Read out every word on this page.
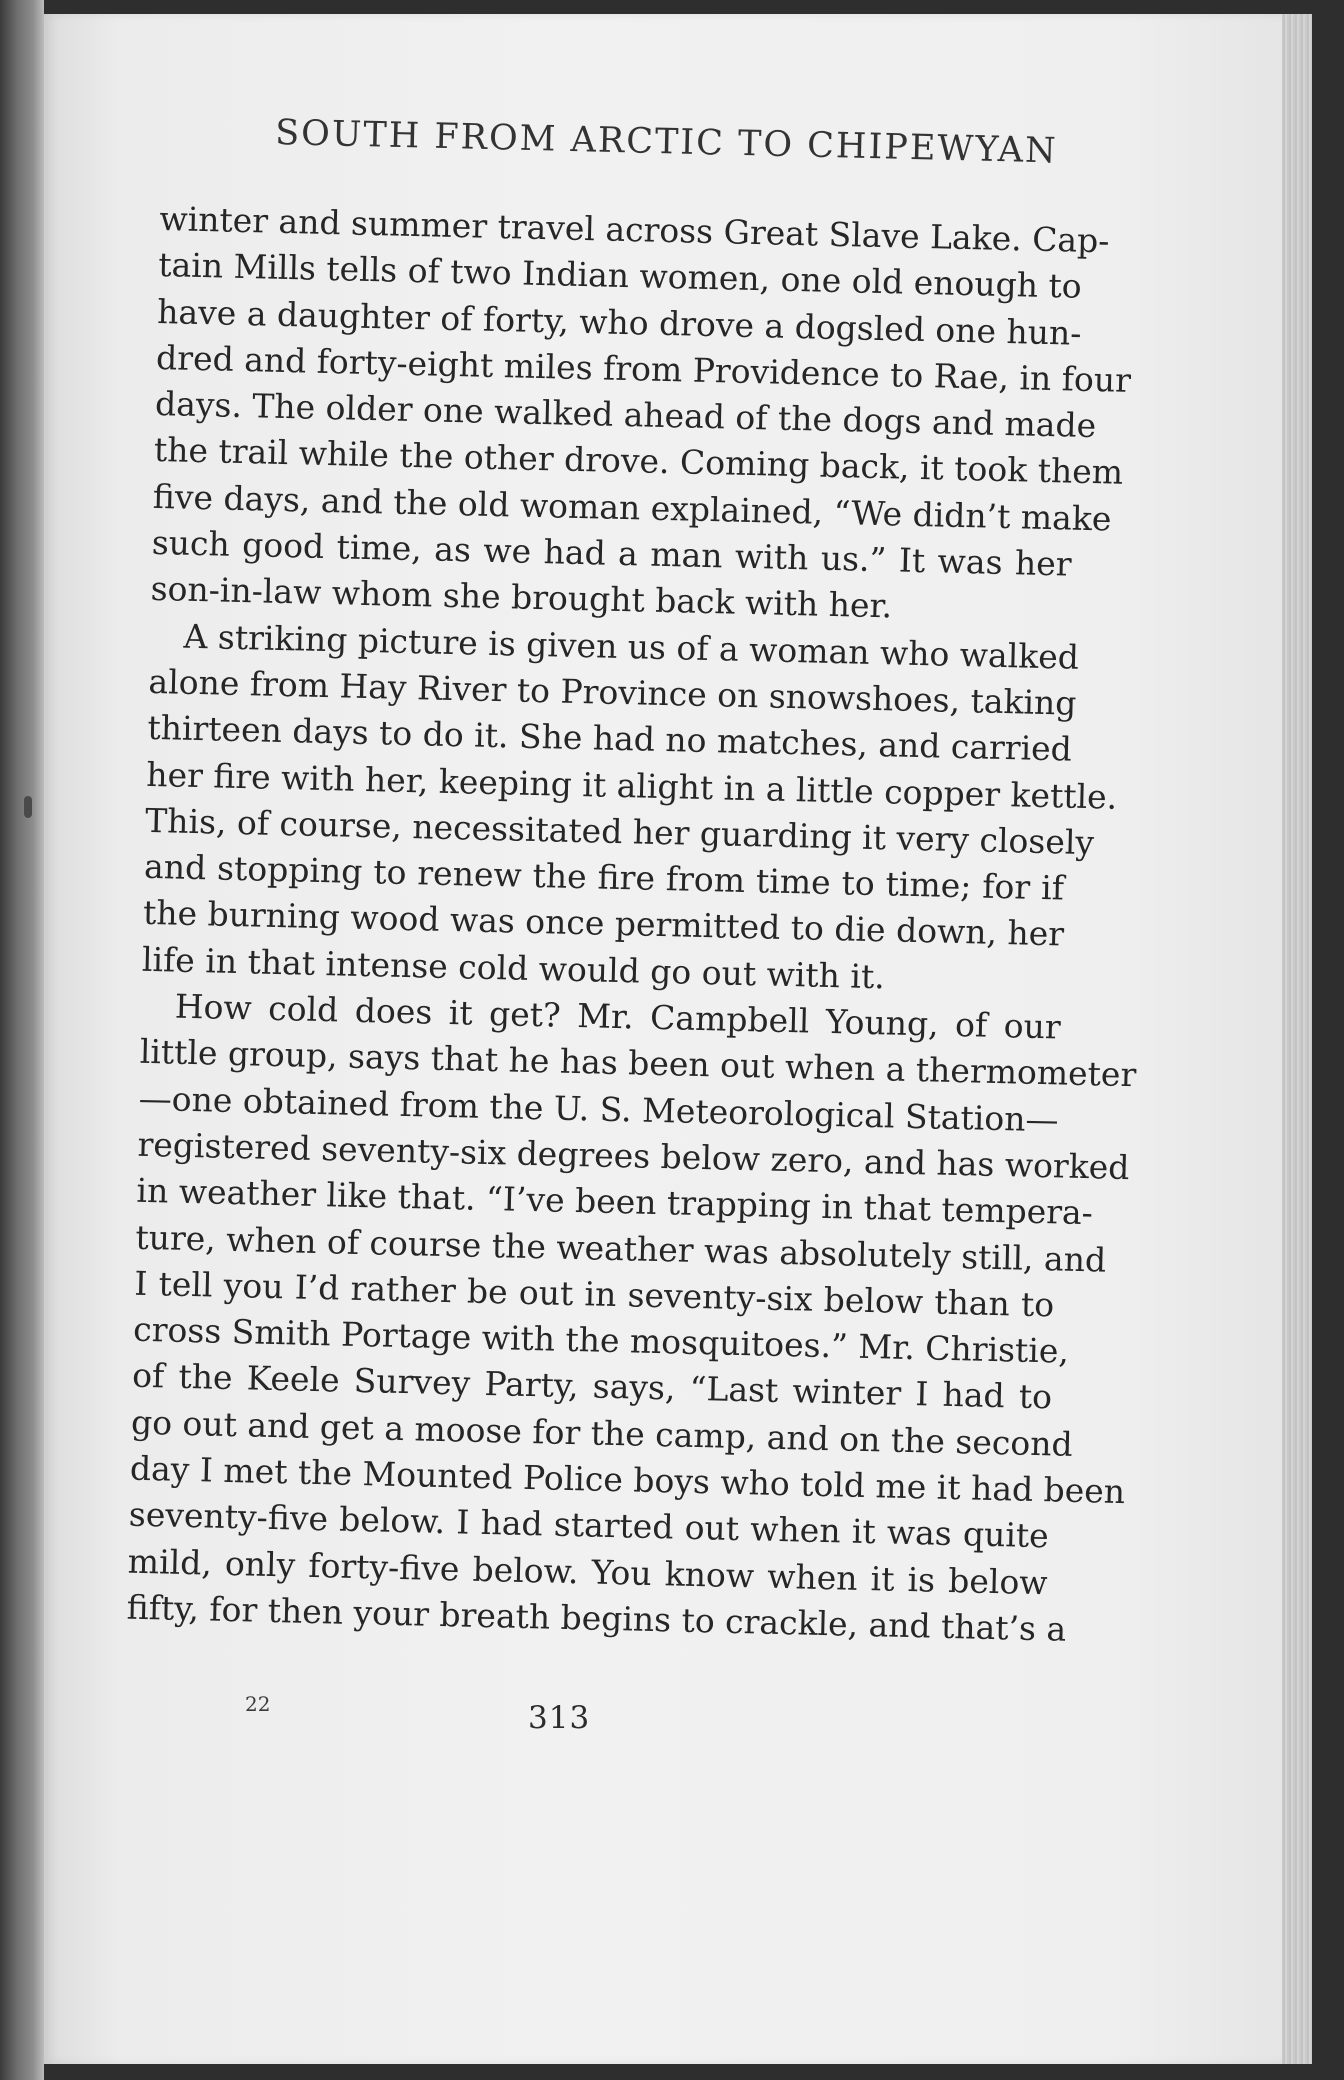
SOUTH FROM ARCTIC TO CHIPEWYAN
winter and summer travel across Great Slave Lake. Cap-
tain Mills tells of two Indian women, one old enough to
have a daughter of forty, who drove a dogsled one hun-
dred and forty-eight miles from Providence to Rae, in four
days. The older one walked ahead of the dogs and made
the trail while the other drove. Coming back, it took them
five days, and the old woman explained, “We didn’t make
such good time, as we had a man with us.” It was her
son-in-law whom she brought back with her.
A striking picture is given us of a woman who walked
alone from Hay River to Province on snowshoes, taking
thirteen days to do it. She had no matches, and carried
her fire with her, keeping it alight in a little copper kettle.
This, of course, necessitated her guarding it very closely
and stopping to renew the fire from time to time; for if
the burning wood was once permitted to die down, her
life in that intense cold would go out with it.
How cold does it get? Mr. Campbell Young, of our
little group, says that he has been out when a thermometer
—one obtained from the U. S. Meteorological Station—
registered seventy-six degrees below zero, and has worked
in weather like that. “I’ve been trapping in that tempera-
ture, when of course the weather was absolutely still, and
I tell you I’d rather be out in seventy-six below than to
cross Smith Portage with the mosquitoes.” Mr. Christie,
of the Keele Survey Party, says, “Last winter I had to
go out and get a moose for the camp, and on the second
day I met the Mounted Police boys who told me it had been
seventy-five below. I had started out when it was quite
mild, only forty-five below. You know when it is below
fifty, for then your breath begins to crackle, and that’s a
22	313
